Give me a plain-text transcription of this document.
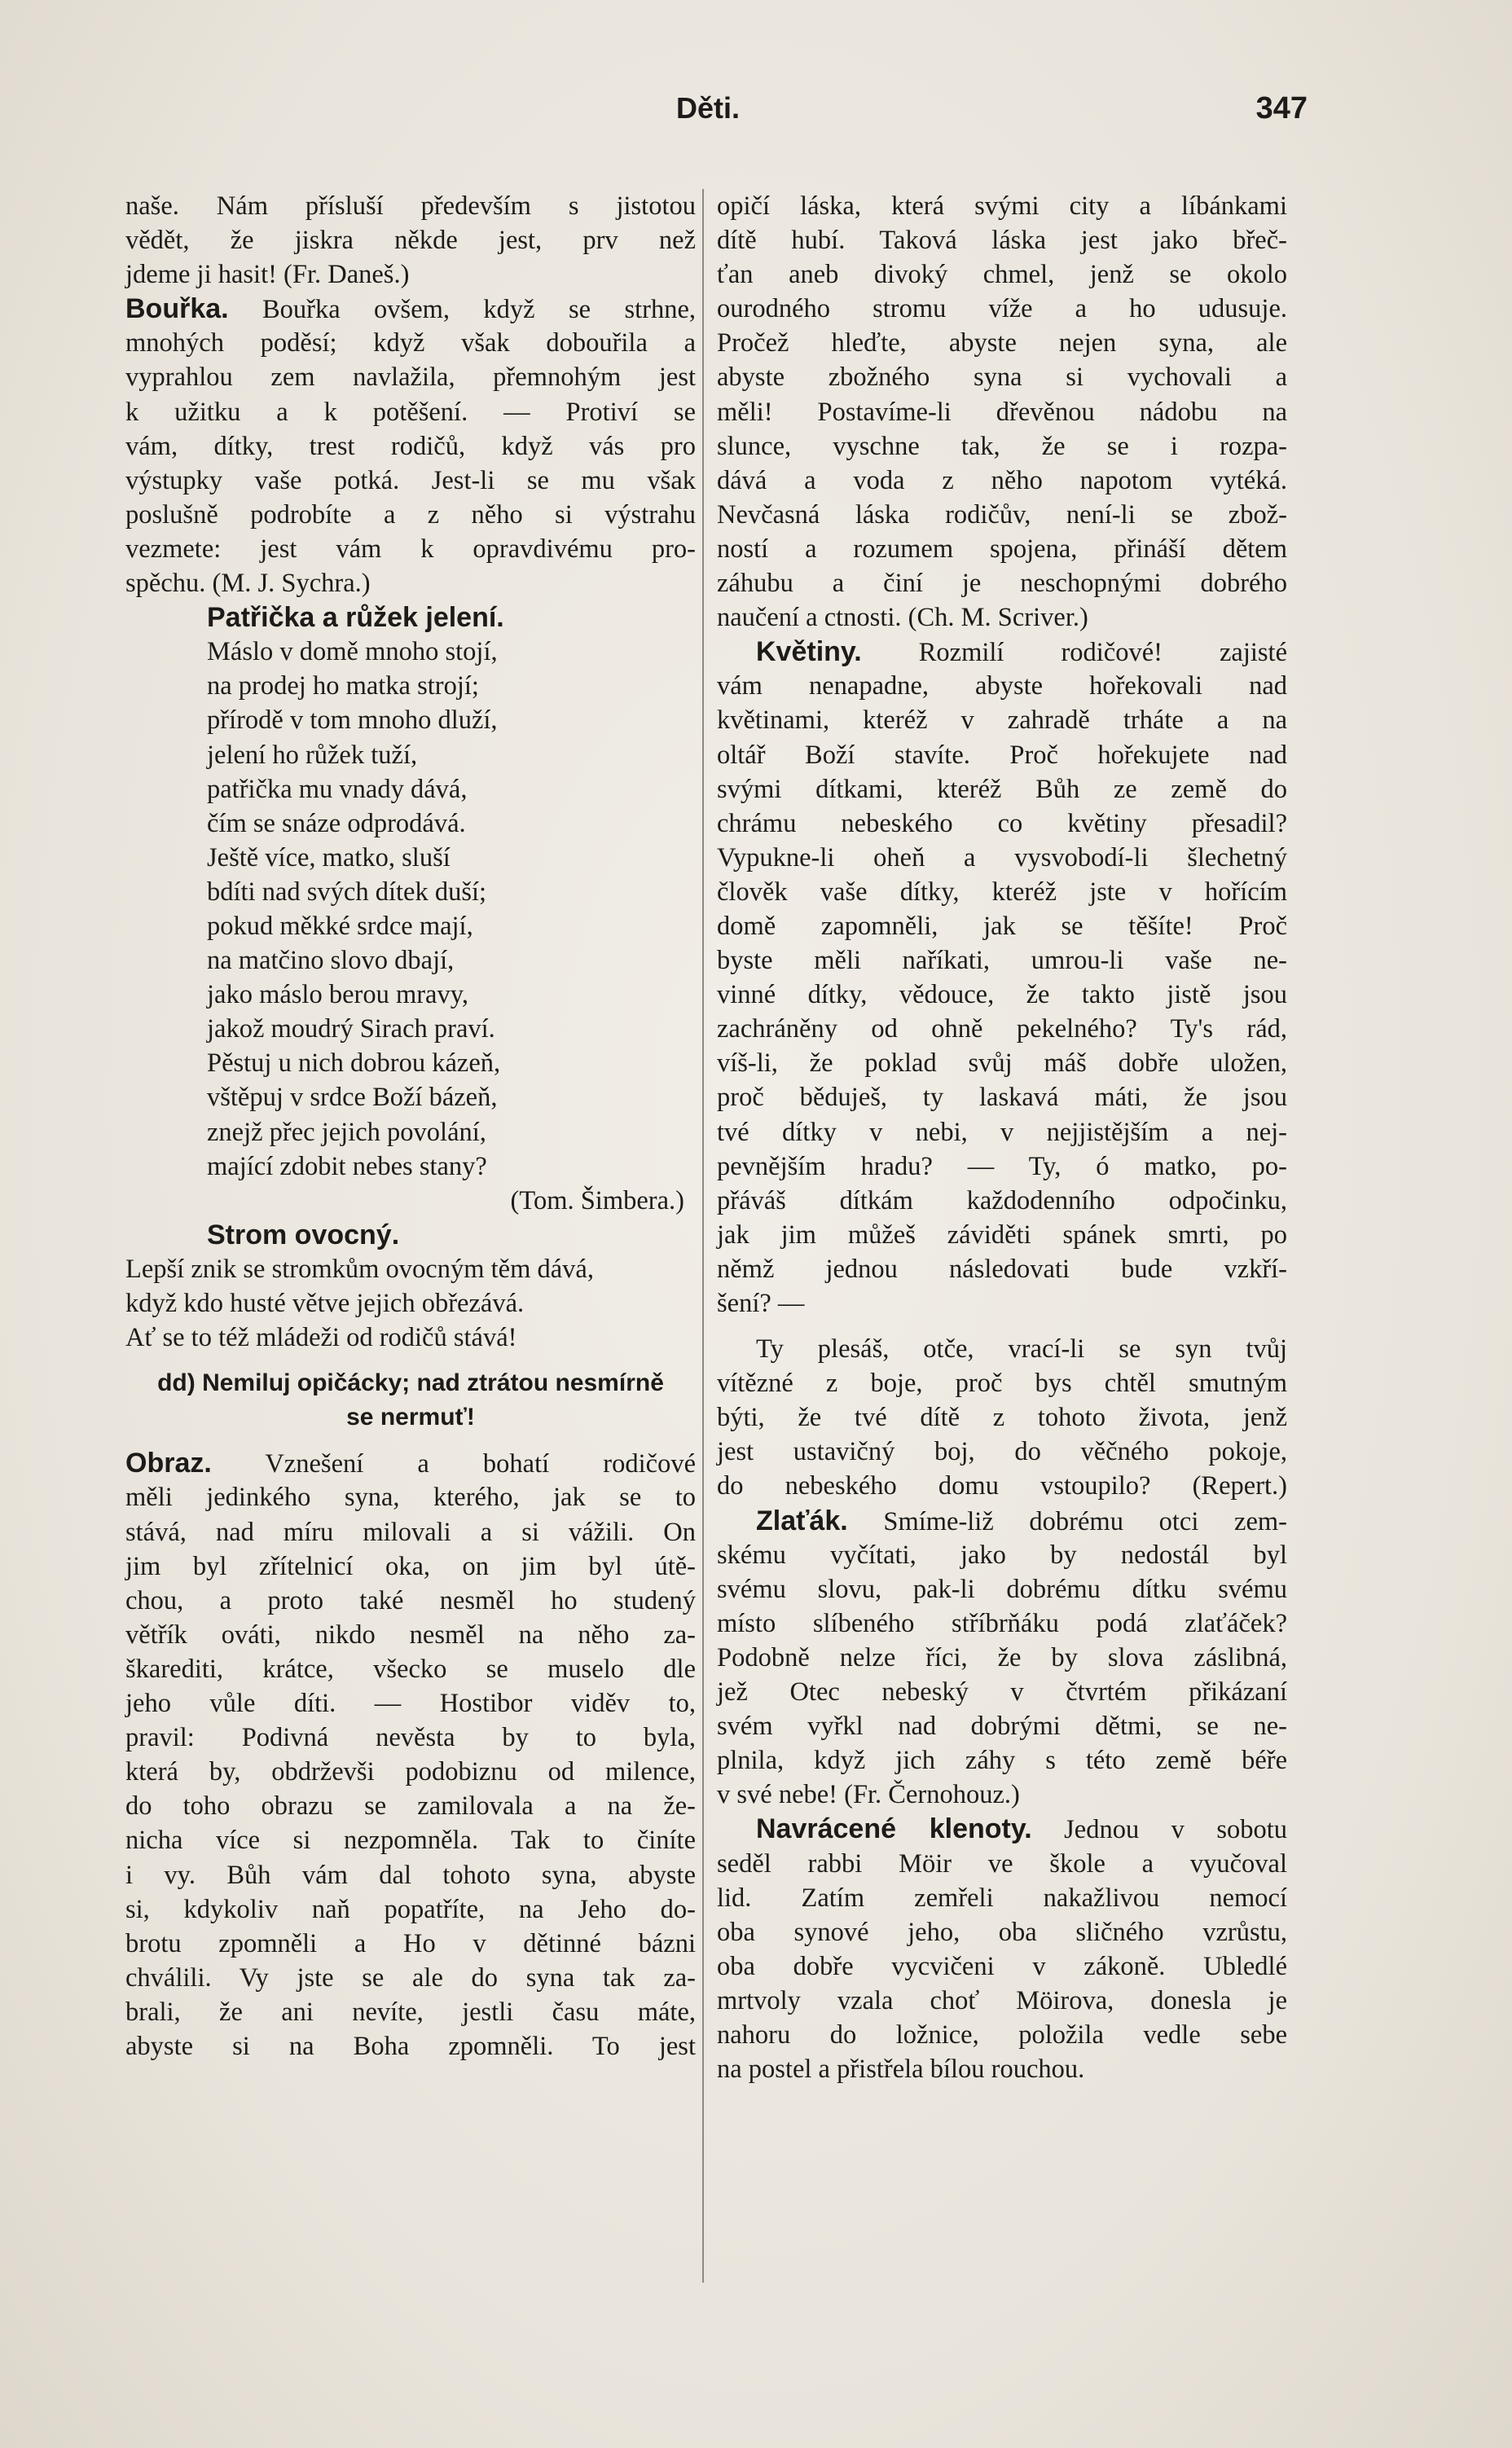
Děti.	347
naše. Nám přísluší především s jistotou
vědět, že jiskra někde jest, prv než
jdeme ji hasit! (Fr. Daneš.)
Bouřka. Bouřka ovšem, když se strhne,
mnohých poděsí; když však dobouřila a
vyprahlou zem navlažila, přemnohým jest
k užitku a k potěšení. — Protiví se
vám, dítky, trest rodičů, když vás pro
výstupky vaše potká. Jest-li se mu však
poslušně podrobíte a z něho si výstrahu
vezmete: jest vám k opravdivému pro-
spěchu. (M. J. Sychra.)
Patřička a růžek jelení.
Máslo v domě mnoho stojí,
na prodej ho matka strojí;
přírodě v tom mnoho dluží,
jelení ho růžek tuží,
patřička mu vnady dává,
čím se snáze odprodává.
Ještě více, matko, sluší
bdíti nad svých dítek duší;
pokud měkké srdce mají,
na matčino slovo dbají,
jako máslo berou mravy,
jakož moudrý Sirach praví.
Pěstuj u nich dobrou kázeň,
vštěpuj v srdce Boží bázeň,
znejž přec jejich povolání,
mající zdobit nebes stany?
(Tom. Šimbera.)
Strom ovocný.
Lepší znik se stromkům ovocným těm dává,
když kdo husté větve jejich obřezává.
Ať se to též mládeži od rodičů stává!
dd) Nemiluj opičácky; nad ztrátou nesmírně
se nermuť!
Obraz. Vznešení a bohatí rodičové
měli jedinkého syna, kterého, jak se to
stává, nad míru milovali a si vážili. On
jim byl zřítelnicí oka, on jim byl útě-
chou, a proto také nesměl ho studený
větřík ováti, nikdo nesměl na něho za-
škarediti, krátce, všecko se muselo dle
jeho vůle díti. — Hostibor viděv to,
pravil: Podivná nevěsta by to byla,
která by, obdrževši podobiznu od milence,
do toho obrazu se zamilovala a na že-
nicha více si nezpomněla. Tak to činíte
i vy. Bůh vám dal tohoto syna, abyste
si, kdykoliv naň popatříte, na Jeho do-
brotu zpomněli a Ho v dětinné bázni
chválili. Vy jste se ale do syna tak za-
brali, že ani nevíte, jestli času máte,
abyste si na Boha zpomněli. To jest
opičí láska, která svými city a líbánkami
dítě hubí. Taková láska jest jako břeč-
ťan aneb divoký chmel, jenž se okolo
ourodného stromu víže a ho udusuje.
Pročež hleďte, abyste nejen syna, ale
abyste zbožného syna si vychovali a
měli! Postavíme-li dřevěnou nádobu na
slunce, vyschne tak, že se i rozpa-
dává a voda z něho napotom vytéká.
Nevčasná láska rodičův, není-li se zbož-
ností a rozumem spojena, přináší dětem
záhubu a činí je neschopnými dobrého
naučení a ctnosti. (Ch. M. Scriver.)
Květiny. Rozmilí rodičové! zajisté
vám nenapadne, abyste hořekovali nad
květinami, kteréž v zahradě trháte a na
oltář Boží stavíte. Proč hořekujete nad
svými dítkami, kteréž Bůh ze země do
chrámu nebeského co květiny přesadil?
Vypukne-li oheň a vysvobodí-li šlechetný
člověk vaše dítky, kteréž jste v hořícím
domě zapomněli, jak se těšíte! Proč
byste měli naříkati, umrou-li vaše ne-
vinné dítky, vědouce, že takto jistě jsou
zachráněny od ohně pekelného? Ty's rád,
víš-li, že poklad svůj máš dobře uložen,
proč běduješ, ty laskavá máti, že jsou
tvé dítky v nebi, v nejjistějším a nej-
pevnějším hradu? — Ty, ó matko, po-
přáváš dítkám každodenního odpočinku,
jak jim můžeš záviděti spánek smrti, po
němž jednou následovati bude vzkří-
šení? —
Ty plesáš, otče, vrací-li se syn tvůj
vítězné z boje, proč bys chtěl smutným
býti, že tvé dítě z tohoto života, jenž
jest ustavičný boj, do věčného pokoje,
do nebeského domu vstoupilo? (Repert.)
Zlaťák. Smíme-liž dobrému otci zem-
skému vyčítati, jako by nedostál byl
svému slovu, pak-li dobrému dítku svému
místo slíbeného stříbrňáku podá zlaťáček?
Podobně nelze říci, že by slova záslibná,
jež Otec nebeský v čtvrtém přikázaní
svém vyřkl nad dobrými dětmi, se ne-
plnila, když jich záhy s této země béře
v své nebe! (Fr. Černohouz.)
Navrácené klenoty. Jednou v sobotu
seděl rabbi Möir ve škole a vyučoval
lid. Zatím zemřeli nakažlivou nemocí
oba synové jeho, oba sličného vzrůstu,
oba dobře vycvičeni v zákoně. Ubledlé
mrtvoly vzala choť Möirova, donesla je
nahoru do ložnice, položila vedle sebe
na postel a přistřela bílou rouchou.
